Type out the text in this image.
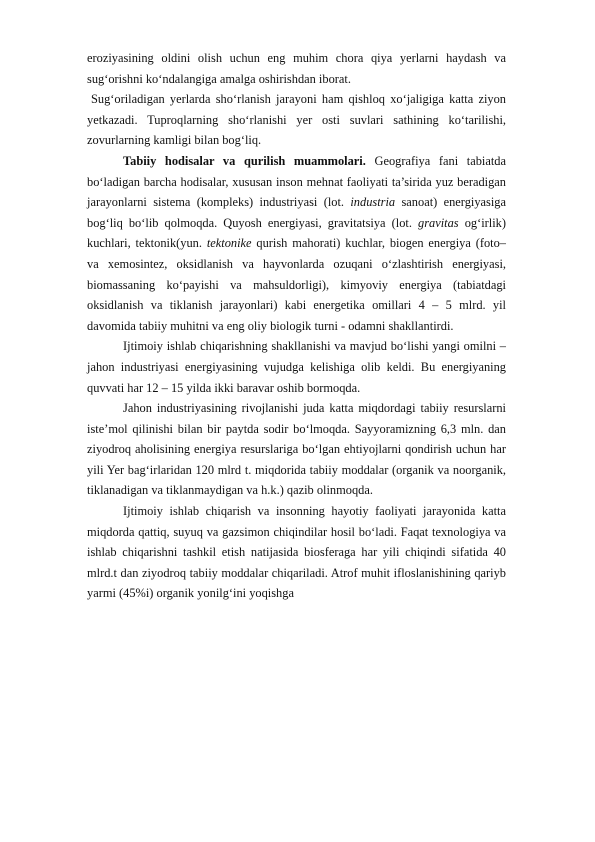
eroziyasining oldini olish uchun eng muhim chora qiya yerlarni haydash va sug‘orishni ko‘ndalangiga amalga oshirishdan iborat.

Sug‘oriladigan yerlarda sho‘rlanish jarayoni ham qishloq xo‘jaligiga katta ziyon yetkazadi. Tuproqlarning sho‘rlanishi yer osti suvlari sathining ko‘tarilishi, zovurlarning kamligi bilan bog‘liq.

Tabiiy hodisalar va qurilish muammolari. Geografiya fani tabiatda bo‘ladigan barcha hodisalar, xususan inson mehnat faoliyati ta’sirida yuz beradigan jarayonlarni sistema (kompleks) industriyasi (lot. industria sanoat) energiyasiga bog‘liq bo‘lib qolmoqda. Quyosh energiyasi, gravitatsiya (lot. gravitas og‘irlik) kuchlari, tektonik(yun. tektonike qurish mahorati) kuchlar, biogen energiya (foto– va xemosintez, oksidlanish va hayvonlarda ozuqani o‘zlashtirish energiyasi, biomassaning ko‘payishi va mahsuldorligi), kimyoviy energiya (tabiatdagi oksidlanish va tiklanish jarayonlari) kabi energetika omillari 4 – 5 mlrd. yil davomida tabiiy muhitni va eng oliy biologik turni - odamni shakllantirdi.

Ijtimoiy ishlab chiqarishning shakllanishi va mavjud bo‘lishi yangi omilni – jahon industriyasi energiyasining vujudga kelishiga olib keldi. Bu energiyaning quvvati har 12 – 15 yilda ikki baravar oshib bormoqda.

Jahon industriyasining rivojlanishi juda katta miqdordagi tabiiy resurslarni iste’mol qilinishi bilan bir paytda sodir bo‘lmoqda. Sayyoramizning 6,3 mln. dan ziyodroq aholisining energiya resurslariga bo‘lgan ehtiyojlarni qondirish uchun har yili Yer bag‘irlaridan 120 mlrd t. miqdorida tabiiy moddalar (organik va noorganik, tiklanadigan va tiklanmaydigan va h.k.) qazib olinmoqda.

Ijtimoiy ishlab chiqarish va insonning hayotiy faoliyati jarayonida katta miqdorda qattiq, suyuq va gazsimon chiqindilar hosil bo‘ladi. Faqat texnologiya va ishlab chiqarishni tashkil etish natijasida biosferaga har yili chiqindi sifatida 40 mlrd.t dan ziyodroq tabiiy moddalar chiqariladi. Atrof muhit ifloslanishining qariyb yarmi (45%i) organik yonilg‘ini yoqishga
